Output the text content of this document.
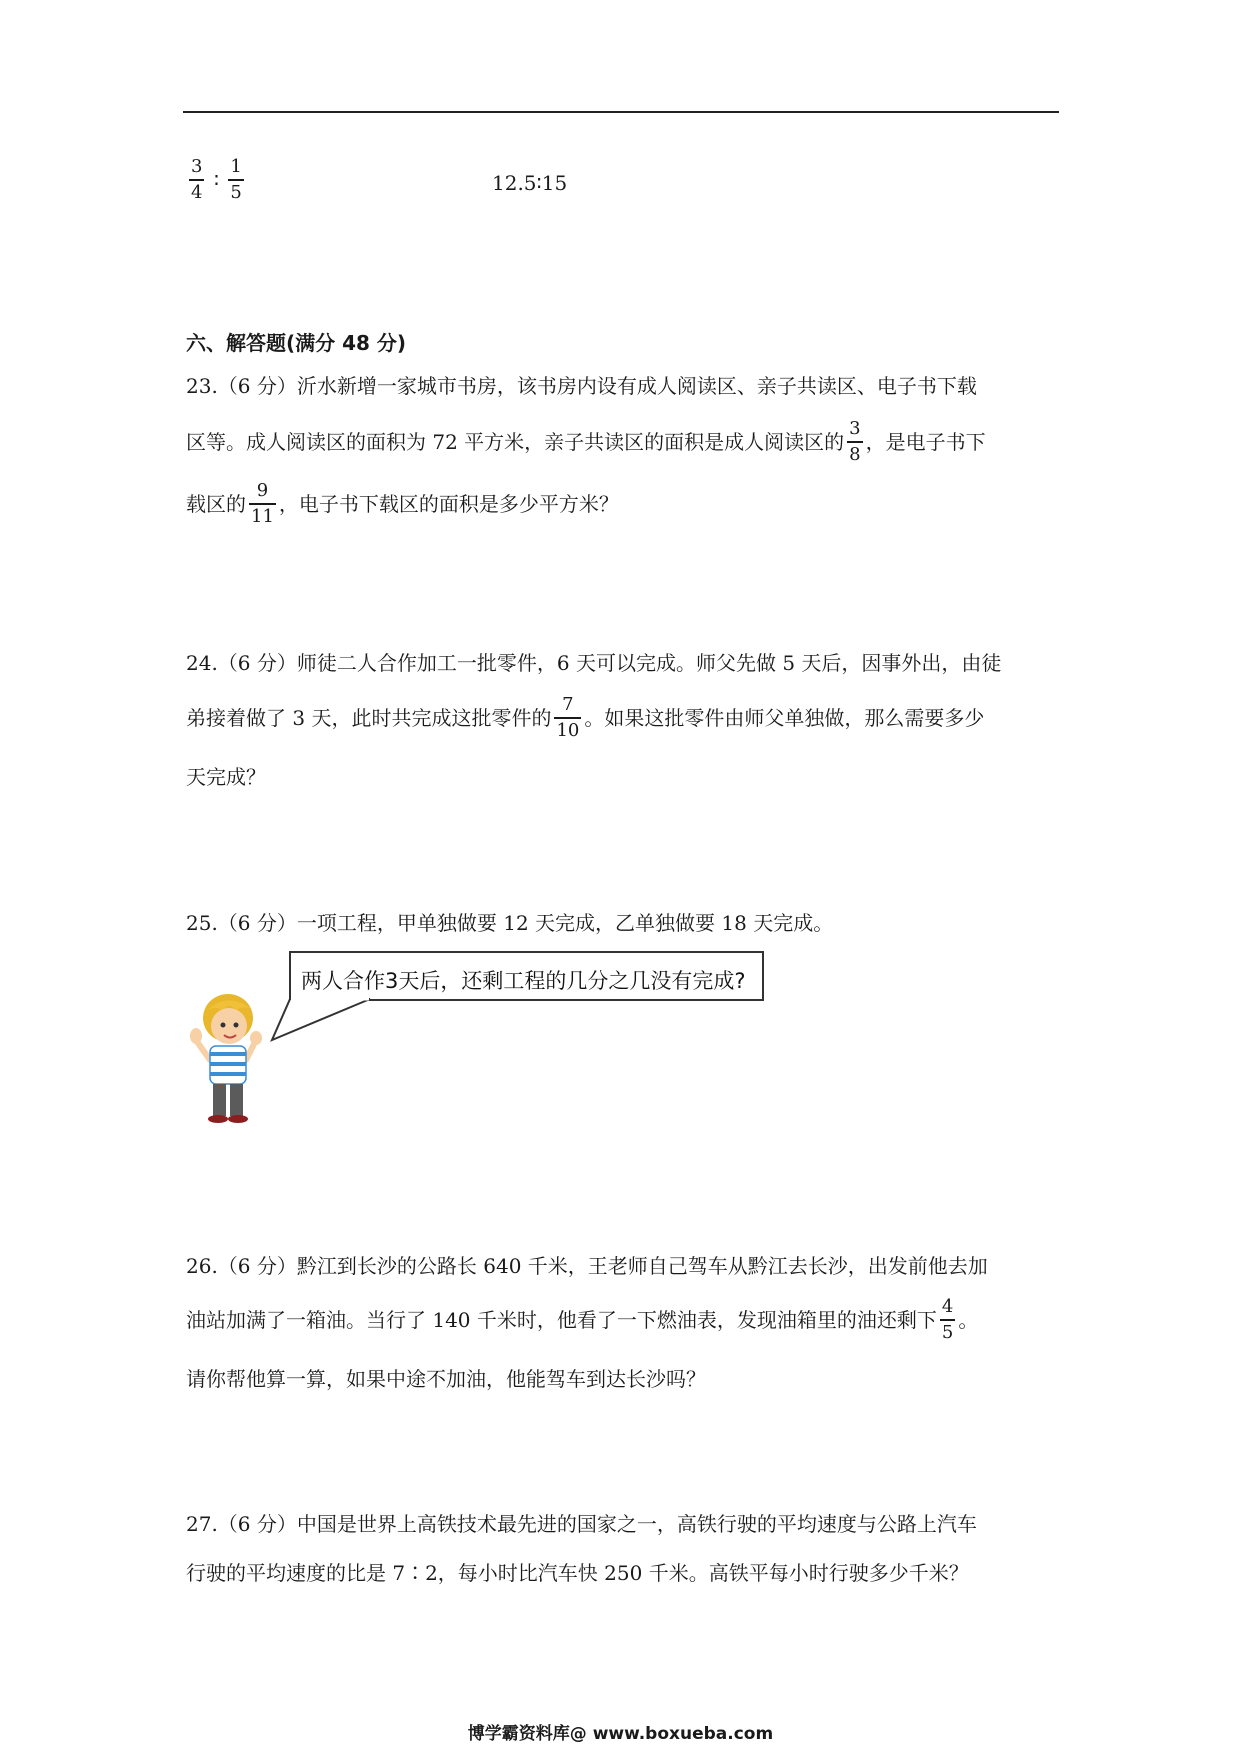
$\frac{3}{4}$ ∶ $\frac{1}{5}$	12.5∶15
六、解答题(满分 48 分)
23.（6 分）沂水新增一家城市书房，该书房内设有成人阅读区、亲子共读区、电子书下载
区等。成人阅读区的面积为 72 平方米，亲子共读区的面积是成人阅读区的 $\frac{3}{8}$ ，是电子书下
载区的 $\frac{9}{11}$ ，电子书下载区的面积是多少平方米？
24.（6 分）师徒二人合作加工一批零件，6 天可以完成。师父先做 5 天后，因事外出，由徒
弟接着做了 3 天，此时共完成这批零件的 $\frac{7}{10}$ 。如果这批零件由师父单独做，那么需要多少
天完成？
25.（6 分）一项工程，甲单独做要 12 天完成，乙单独做要 18 天完成。
两人合作3天后，还剩工程的几分之几没有完成?
26.（6 分）黔江到长沙的公路长 640 千米，王老师自己驾车从黔江去长沙，出发前他去加
油站加满了一箱油。当行了 140 千米时，他看了一下燃油表，发现油箱里的油还剩下 $\frac{4}{5}$ 。
请你帮他算一算，如果中途不加油，他能驾车到达长沙吗？
27.（6 分）中国是世界上高铁技术最先进的国家之一，高铁行驶的平均速度与公路上汽车
行驶的平均速度的比是 7∶2，每小时比汽车快 250 千米。高铁平每小时行驶多少千米？
博学霸资料库@ www.boxueba.com
